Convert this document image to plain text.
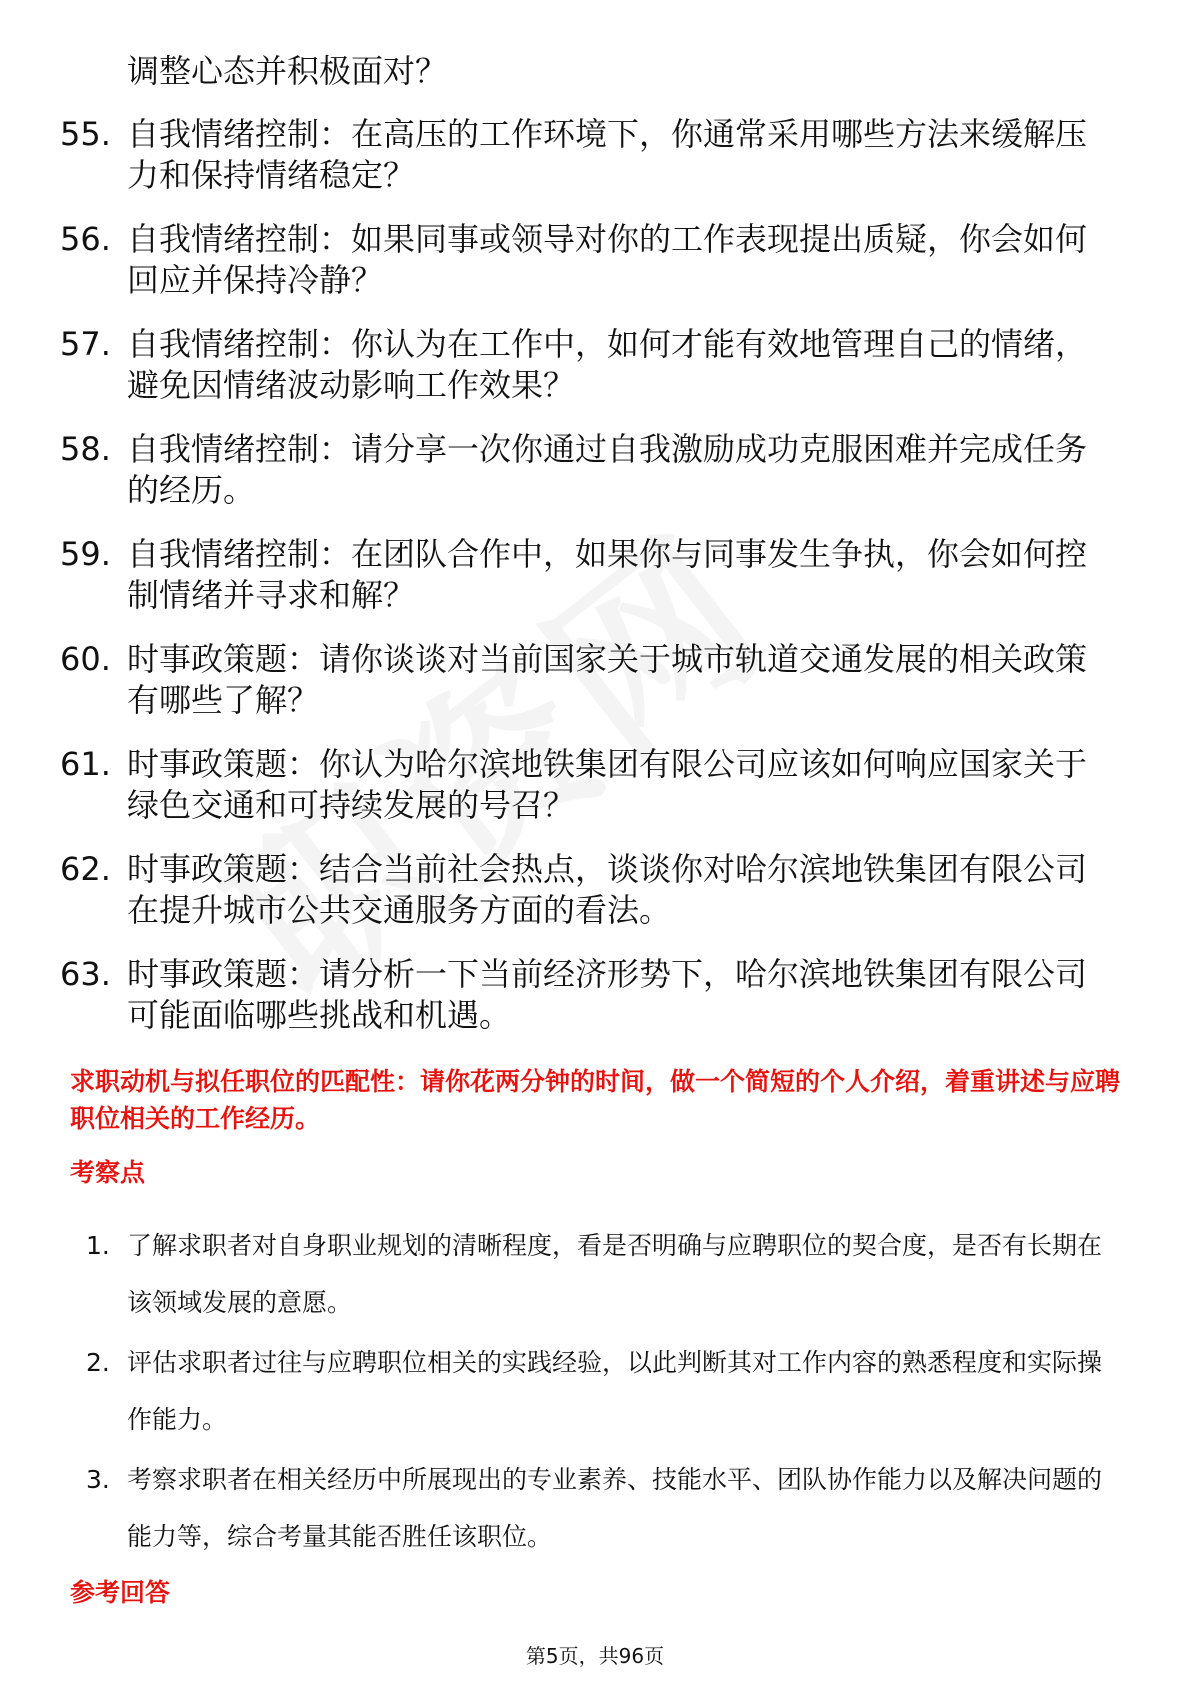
调整心态并积极面对？
55. 自我情绪控制：在高压的工作环境下，你通常采用哪些方法来缓解压力和保持情绪稳定？
56. 自我情绪控制：如果同事或领导对你的工作表现提出质疑，你会如何回应并保持冷静？
57. 自我情绪控制：你认为在工作中，如何才能有效地管理自己的情绪，避免因情绪波动影响工作效果？
58. 自我情绪控制：请分享一次你通过自我激励成功克服困难并完成任务的经历。
59. 自我情绪控制：在团队合作中，如果你与同事发生争执，你会如何控制情绪并寻求和解？
60. 时事政策题：请你谈谈对当前国家关于城市轨道交通发展的相关政策有哪些了解？
61. 时事政策题：你认为哈尔滨地铁集团有限公司应该如何响应国家关于绿色交通和可持续发展的号召？
62. 时事政策题：结合当前社会热点，谈谈你对哈尔滨地铁集团有限公司在提升城市公共交通服务方面的看法。
63. 时事政策题：请分析一下当前经济形势下，哈尔滨地铁集团有限公司可能面临哪些挑战和机遇。
求职动机与拟任职位的匹配性：请你花两分钟的时间，做一个简短的个人介绍，着重讲述与应聘职位相关的工作经历。
考察点
1. 了解求职者对自身职业规划的清晰程度，看是否明确与应聘职位的契合度，是否有长期在该领域发展的意愿。
2. 评估求职者过往与应聘职位相关的实践经验，以此判断其对工作内容的熟悉程度和实际操作能力。
3. 考察求职者在相关经历中所展现出的专业素养、技能水平、团队协作能力以及解决问题的能力等，综合考量其能否胜任该职位。
参考回答
第5页，共96页
